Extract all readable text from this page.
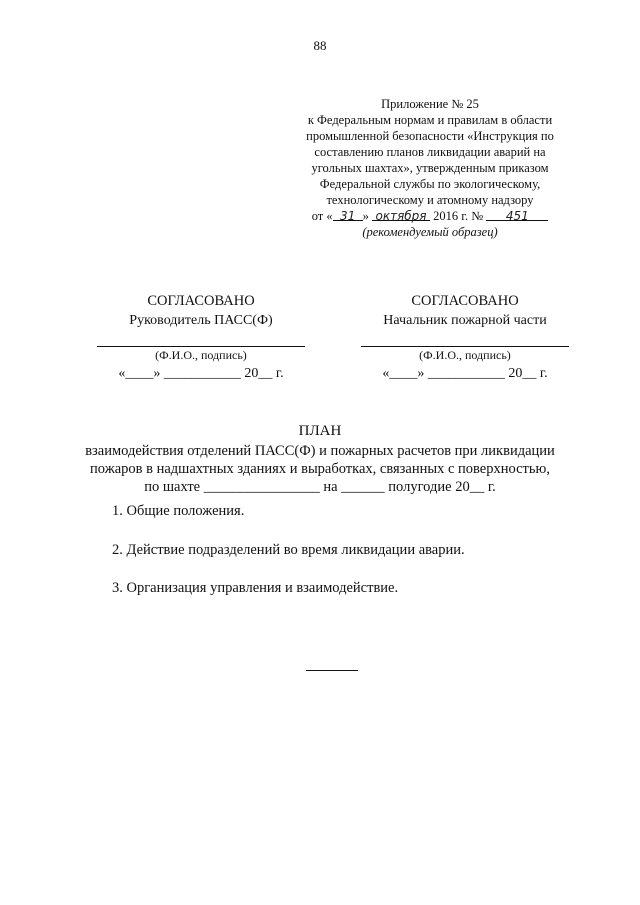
88
Приложение № 25
к Федеральным нормам и правилам в области
промышленной безопасности «Инструкция по
составлению планов ликвидации аварий на
угольных шахтах», утвержденным приказом
Федеральной службы по экологическому,
технологическому и атомному надзору
от « 31 » октября 2016 г. № 451
(рекомендуемый образец)
СОГЛАСОВАНО
Руководитель ПАСС(Ф)
(Ф.И.О., подпись)
«____» ___________ 20__ г.
СОГЛАСОВАНО
Начальник пожарной части
(Ф.И.О., подпись)
«____» ___________ 20__ г.
ПЛАН
взаимодействия отделений ПАСС(Ф) и пожарных расчетов при ликвидации
пожаров в надшахтных зданиях и выработках, связанных с поверхностью,
по шахте ________________ на ______ полугодие 20__ г.
1. Общие положения.
2. Действие подразделений во время ликвидации аварии.
3. Организация управления и взаимодействие.
